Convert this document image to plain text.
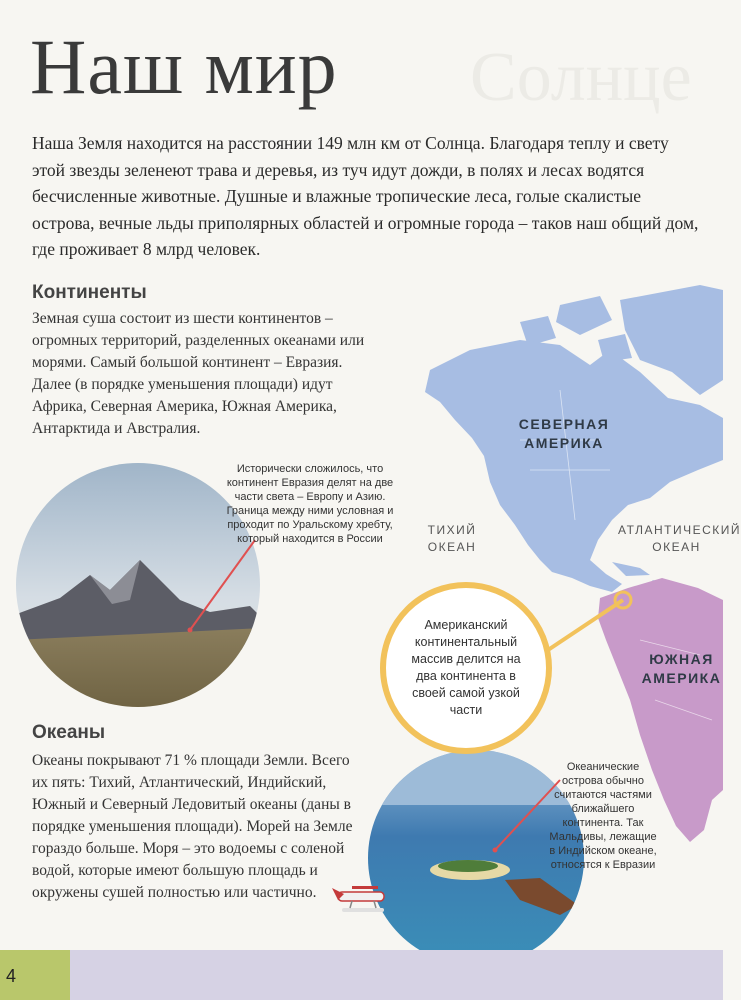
Солнце
Наш мир
Наша Земля находится на расстоянии 149 млн км от Солнца. Благодаря теплу и свету этой звезды зеленеют трава и деревья, из туч идут дожди, в полях и лесах водятся бесчисленные животные. Душные и влажные тропические леса, голые скалистые острова, вечные льды приполярных областей и огромные города – таков наш общий дом, где проживает 8 млрд человек.
Континенты
Земная суша состоит из шести континентов – огромных территорий, разделенных океанами или морями. Самый большой континент – Евразия. Далее (в порядке уменьшения площади) идут Африка, Северная Америка, Южная Америка, Антарктида и Австралия.
Исторически сложилось, что континент Евразия делят на две части света – Европу и Азию. Граница между ними условная и проходит по Уральскому хребту, который находится в России
СЕВЕРНАЯ
АМЕРИКА
ЮЖНАЯ
АМЕРИКА
ТИХИЙ
ОКЕАН
АТЛАНТИЧЕСКИЙ
ОКЕАН
Американский континентальный массив делится на два континента в своей самой узкой части
Океаны
Океаны покрывают 71 % площади Земли. Всего их пять: Тихий, Атлантический, Индийский, Южный и Северный Ледовитый океаны (даны в порядке уменьшения площади). Морей на Земле гораздо больше. Моря – это водоемы с соленой водой, которые имеют большую площадь и окружены сушей полностью или частично.
Океанические острова обычно считаются частями ближайшего континента. Так Мальдивы, лежащие в Индийском океане, относятся к Евразии
4
